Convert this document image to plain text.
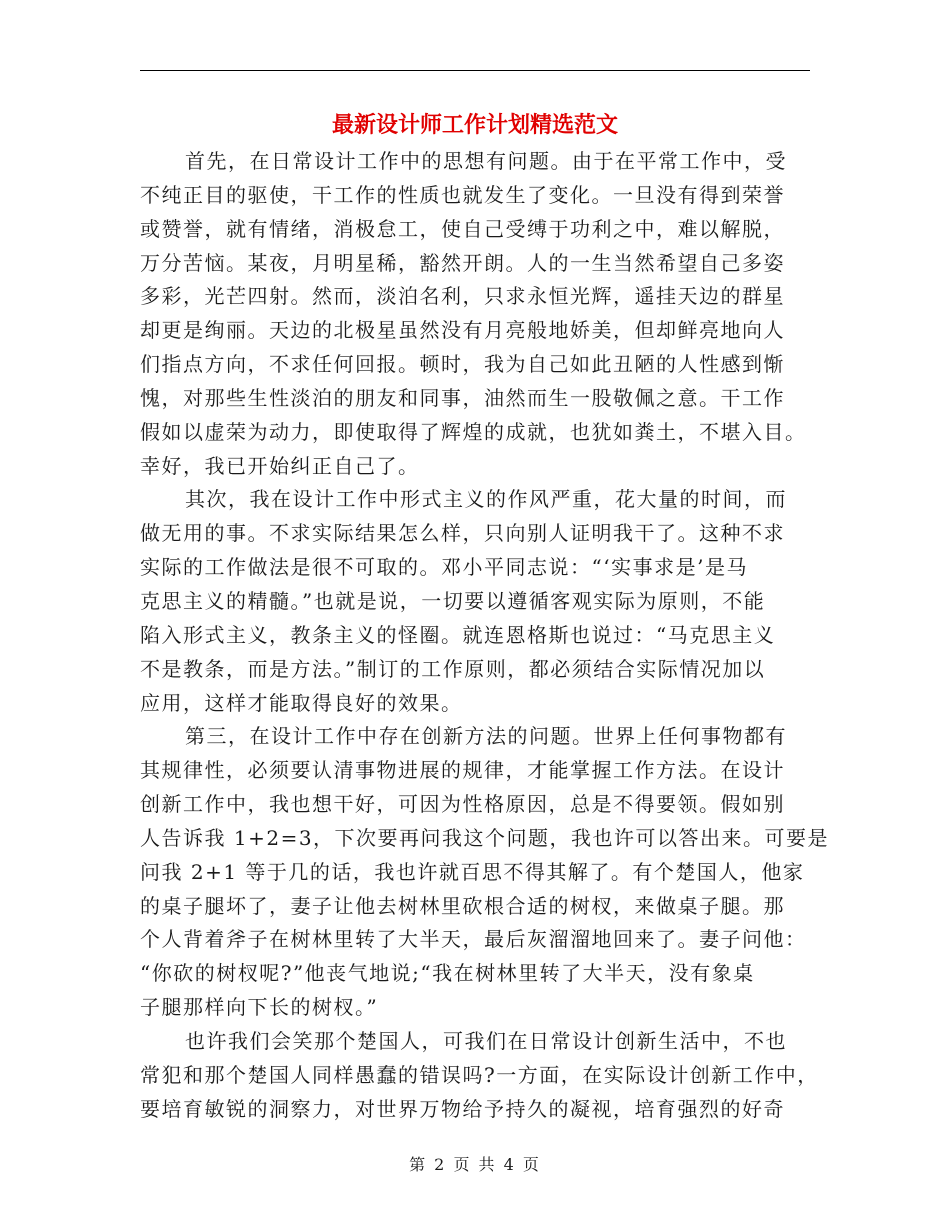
最新设计师工作计划精选范文
首先，在日常设计工作中的思想有问题。由于在平常工作中，受
不纯正目的驱使，干工作的性质也就发生了变化。一旦没有得到荣誉
或赞誉，就有情绪，消极怠工，使自己受缚于功利之中，难以解脱，
万分苦恼。某夜，月明星稀，豁然开朗。人的一生当然希望自己多姿
多彩，光芒四射。然而，淡泊名利，只求永恒光辉，遥挂天边的群星
却更是绚丽。天边的北极星虽然没有月亮般地娇美，但却鲜亮地向人
们指点方向，不求任何回报。顿时，我为自己如此丑陋的人性感到惭
愧，对那些生性淡泊的朋友和同事，油然而生一股敬佩之意。干工作
假如以虚荣为动力，即使取得了辉煌的成就，也犹如粪土，不堪入目。
幸好，我已开始纠正自己了。
其次，我在设计工作中形式主义的作风严重，花大量的时间，而
做无用的事。不求实际结果怎么样，只向别人证明我干了。这种不求
实际的工作做法是很不可取的。邓小平同志说：“‘实事求是’是马
克思主义的精髓。”也就是说，一切要以遵循客观实际为原则，不能
陷入形式主义，教条主义的怪圈。就连恩格斯也说过：“马克思主义
不是教条，而是方法。”制订的工作原则，都必须结合实际情况加以
应用，这样才能取得良好的效果。
第三，在设计工作中存在创新方法的问题。世界上任何事物都有
其规律性，必须要认清事物进展的规律，才能掌握工作方法。在设计
创新工作中，我也想干好，可因为性格原因，总是不得要领。假如别
人告诉我 1+2=3，下次要再问我这个问题，我也许可以答出来。可要是
问我 2+1 等于几的话，我也许就百思不得其解了。有个楚国人，他家
的桌子腿坏了，妻子让他去树林里砍根合适的树杈，来做桌子腿。那
个人背着斧子在树林里转了大半天，最后灰溜溜地回来了。妻子问他：
“你砍的树杈呢?”他丧气地说;“我在树林里转了大半天，没有象桌
子腿那样向下长的树杈。”
也许我们会笑那个楚国人，可我们在日常设计创新生活中，不也
常犯和那个楚国人同样愚蠢的错误吗?一方面，在实际设计创新工作中，
要培育敏锐的洞察力，对世界万物给予持久的凝视，培育强烈的好奇
第 2 页 共 4 页
